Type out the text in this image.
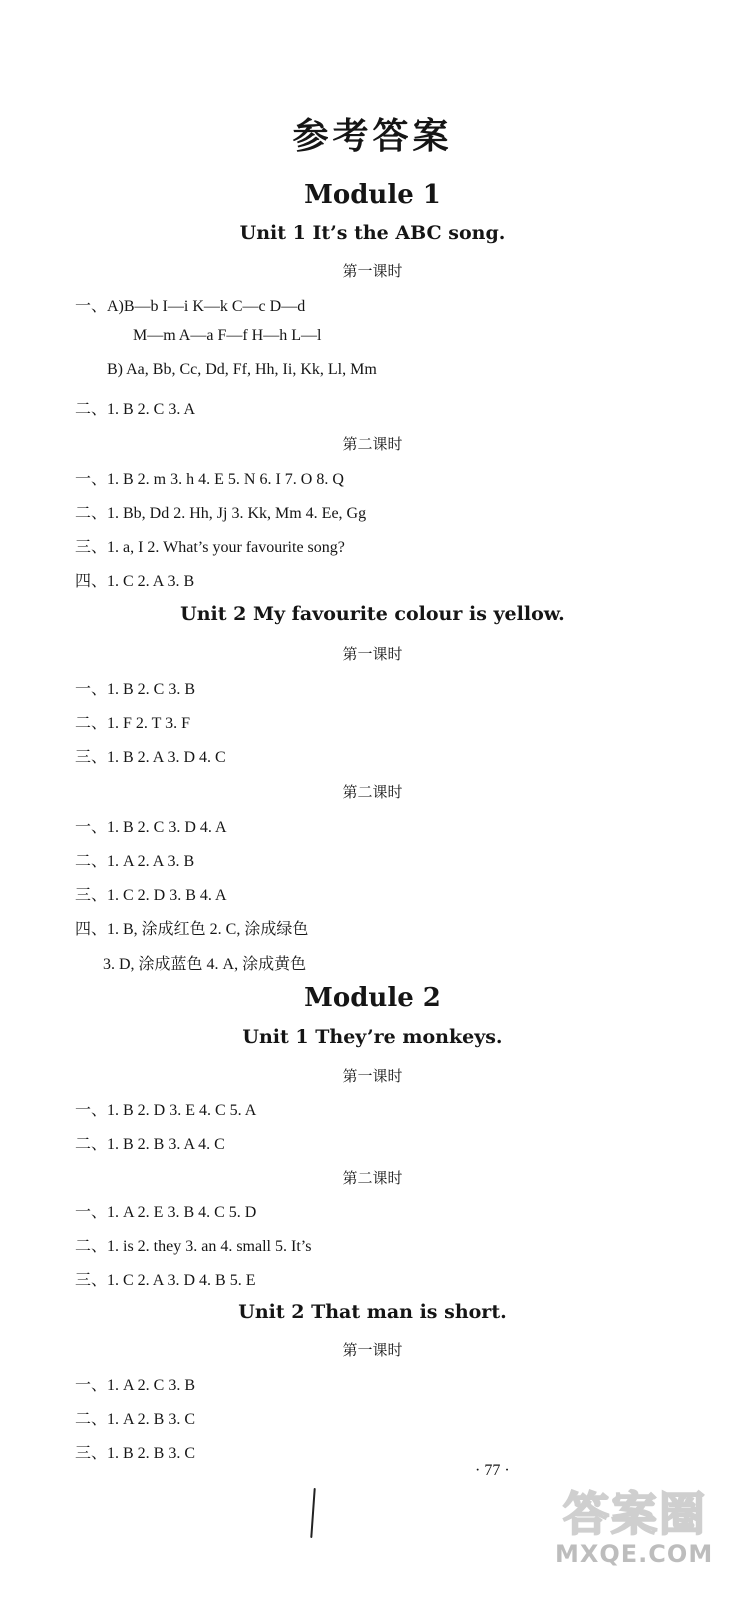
参考答案
Module 1
Unit 1 It’s the ABC song.
第一课时
一、A)B—b I—i K—k C—c D—d
M—m A—a F—f H—h L—l
B) Aa, Bb, Cc, Dd, Ff, Hh, Ii, Kk, Ll, Mm
二、1. B 2. C 3. A
第二课时
一、1. B 2. m 3. h 4. E 5. N 6. I 7. O 8. Q
二、1. Bb, Dd 2. Hh, Jj 3. Kk, Mm 4. Ee, Gg
三、1. a, I 2. What’s your favourite song?
四、1. C 2. A 3. B
Unit 2 My favourite colour is yellow.
第一课时
一、1. B 2. C 3. B
二、1. F 2. T 3. F
三、1. B 2. A 3. D 4. C
第二课时
一、1. B 2. C 3. D 4. A
二、1. A 2. A 3. B
三、1. C 2. D 3. B 4. A
四、1. B, 涂成红色 2. C, 涂成绿色
3. D, 涂成蓝色 4. A, 涂成黄色
Module 2
Unit 1 They’re monkeys.
第一课时
一、1. B 2. D 3. E 4. C 5. A
二、1. B 2. B 3. A 4. C
第二课时
一、1. A 2. E 3. B 4. C 5. D
二、1. is 2. they 3. an 4. small 5. It’s
三、1. C 2. A 3. D 4. B 5. E
Unit 2 That man is short.
第一课时
一、1. A 2. C 3. B
二、1. A 2. B 3. C
三、1. B 2. B 3. C
· 77 ·
答案圈
MXQE.COM
